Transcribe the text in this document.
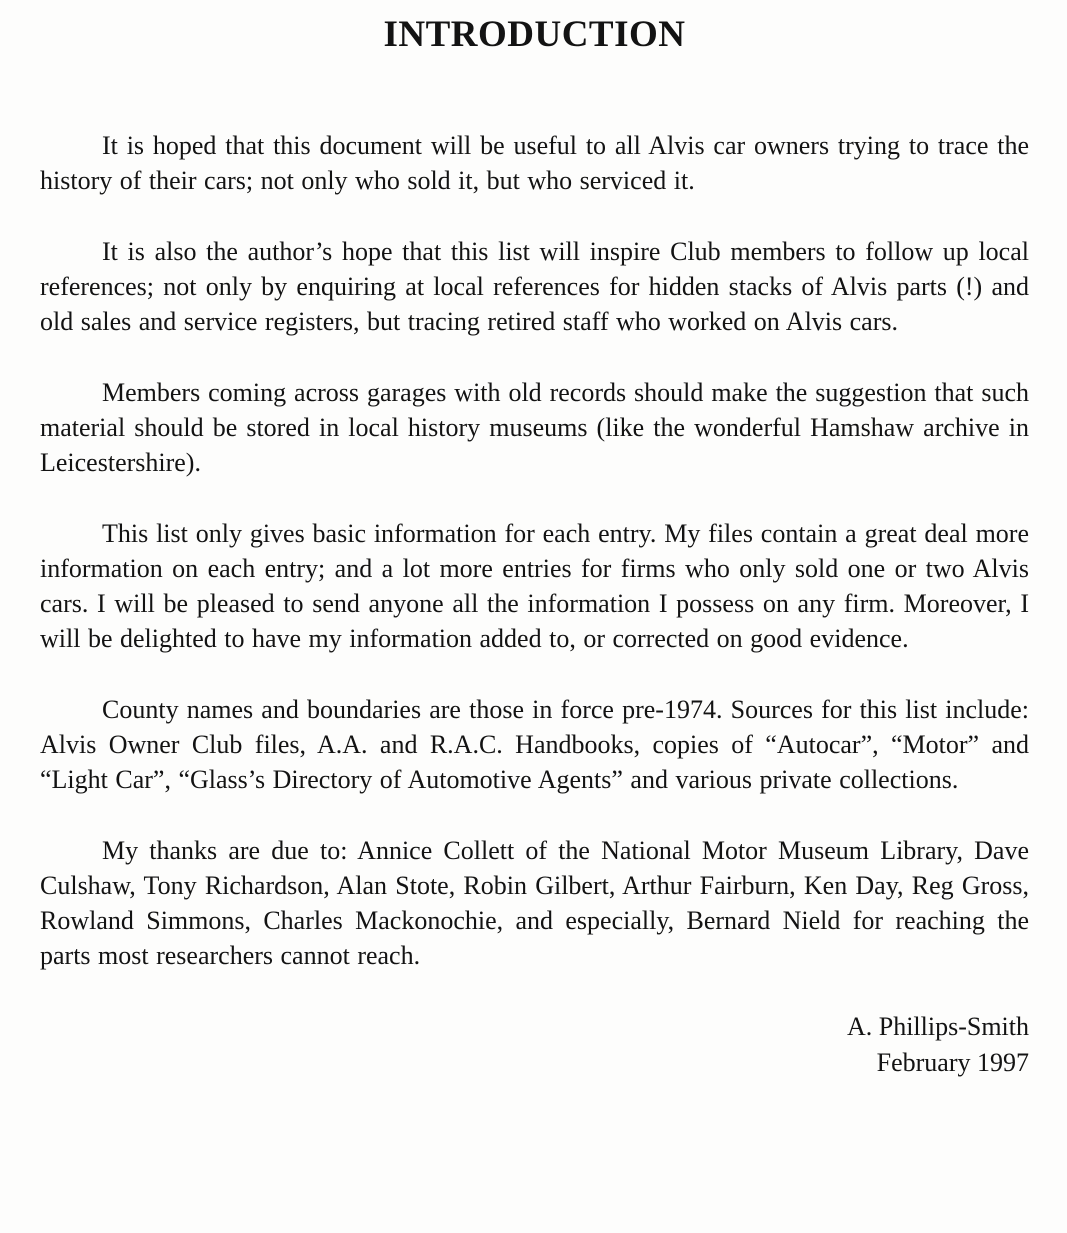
INTRODUCTION

It is hoped that this document will be useful to all Alvis car owners trying to trace the history of their cars; not only who sold it, but who serviced it.

It is also the author’s hope that this list will inspire Club members to follow up local references; not only by enquiring at local references for hidden stacks of Alvis parts (!) and old sales and service registers, but tracing retired staff who worked on Alvis cars.

Members coming across garages with old records should make the suggestion that such material should be stored in local history museums (like the wonderful Hamshaw archive in Leicestershire).

This list only gives basic information for each entry. My files contain a great deal more information on each entry; and a lot more entries for firms who only sold one or two Alvis cars. I will be pleased to send anyone all the information I possess on any firm. Moreover, I will be delighted to have my information added to, or corrected on good evidence.

County names and boundaries are those in force pre-1974. Sources for this list include: Alvis Owner Club files, A.A. and R.A.C. Handbooks, copies of “Autocar”, “Motor” and “Light Car”, “Glass’s Directory of Automotive Agents” and various private collections.

My thanks are due to: Annice Collett of the National Motor Museum Library, Dave Culshaw, Tony Richardson, Alan Stote, Robin Gilbert, Arthur Fairburn, Ken Day, Reg Gross, Rowland Simmons, Charles Mackonochie, and especially, Bernard Nield for reaching the parts most researchers cannot reach.

A. Phillips-Smith
February 1997
